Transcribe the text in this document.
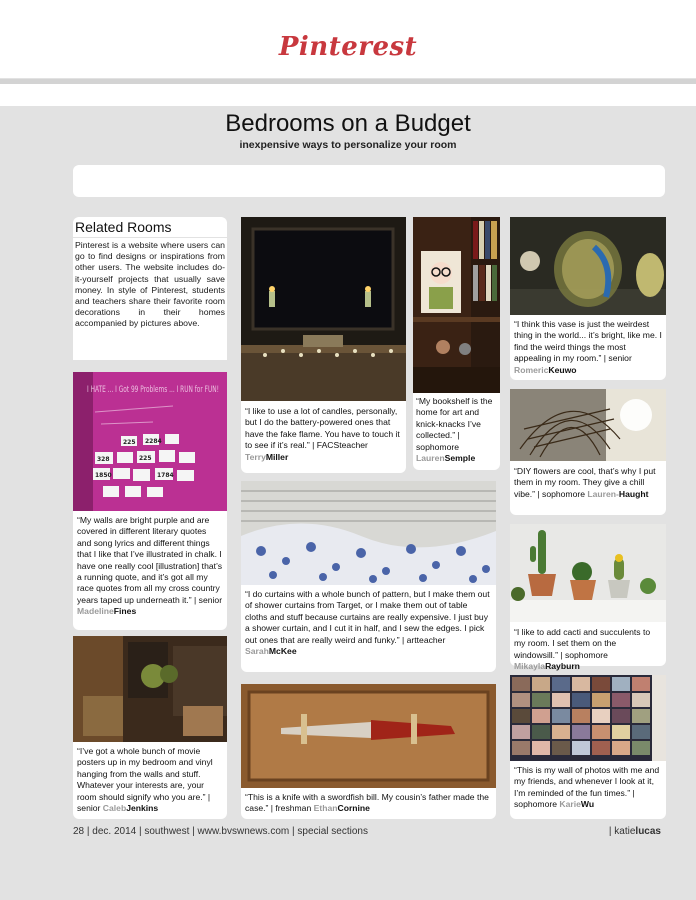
Pinterest
Bedrooms on a Budget
inexpensive ways to personalize your room
Related Rooms

Pinterest is a website where users can go to find designs or inspirations from other users. The website includes do-it-yourself projects that usually save money. In style of Pinterest, students and teachers share their favorite room decorations in their homes accompanied by pictures above.

I HATE ... I Got 99 Problems ... I RUN for FUN!
225 2284
328	225
1850	1784
“My walls are bright purple and are covered in different literary quotes and song lyrics and different things that I like that I’ve illustrated in chalk. I have one really cool [illustration] that’s a running quote, and it’s got all my race quotes from all my cross country years taped up underneath it.” | senior MadelineFines
“I’ve got a whole bunch of movie posters up in my bedroom and vinyl hanging from the walls and stuff. Whatever your interests are, your room should signify who you are.” | senior CalebJenkins
“I like to use a lot of candles, personally, but I do the battery-powered ones that have the fake flame. You have to touch it to see if it’s real.” | FACSteacher TerryMiller
“I do curtains with a whole bunch of pattern, but I make them out of shower curtains from Target, or I make them out of table cloths and stuff because curtains are really expensive. I just buy a shower curtain, and I cut it in half, and I sew the edges. I pick out ones that are really weird and funky.” | artteacher SarahMcKee
“This is a knife with a swordfish bill. My cousin’s father made the case.” | freshman EthanCornine
“My bookshelf is the home for art and knick-knacks I’ve collected.” | sophomore LaurenSemple
“I think this vase is just the weirdest thing in the world... it’s bright, like me. I find the weird things the most appealing in my room.” | senior RomericKeuwo
“DIY flowers are cool, that’s why I put them in my room. They give a chill vibe.” | sophomore Lauren-Haught
“I like to add cacti and succulents to my room. I set them on the windowsill.” | sophomore MikaylaRayburn
“This is my wall of photos with me and my friends, and whenever I look at it, I’m reminded of the fun times.” | sophomore KarieWu
28 | dec. 2014 | southwest | www.bvswnews.com | special sections	| katielucas
